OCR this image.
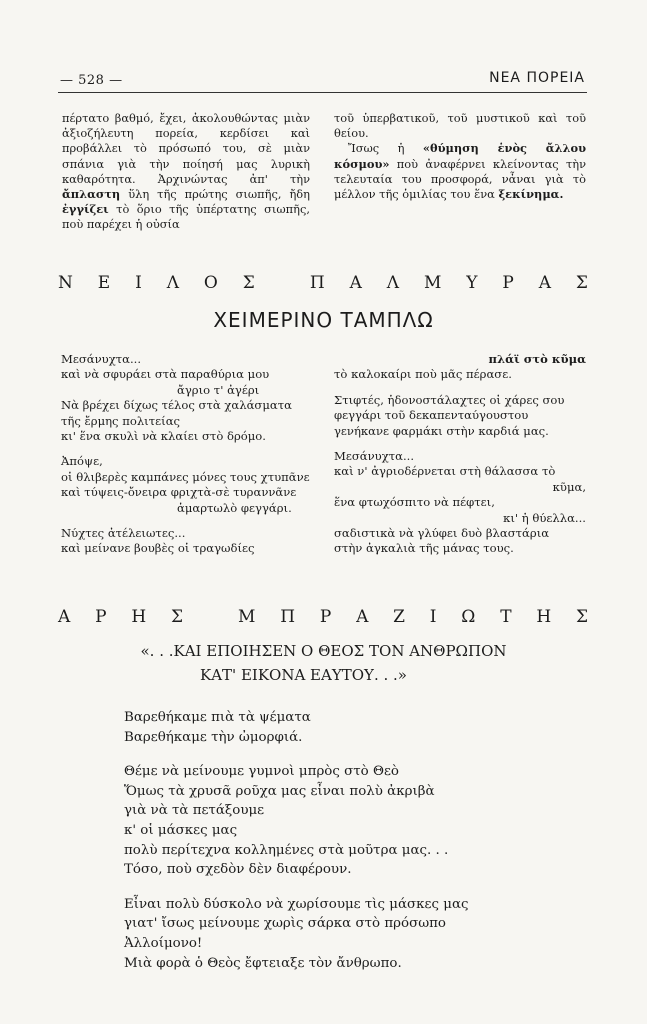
— 528 —	ΝΕΑ ΠΟΡΕΙΑ

πέρτατο βαθμό, ἔχει, ἀκολουθώντας μιὰν ἀξιοζήλευτη πορεία, κερδίσει καὶ προβάλλει τὸ πρόσωπό του, σὲ μιὰν σπάνια γιὰ τὴν ποίησή μας λυρικὴ καθαρότητα. Ἀρχινώντας ἀπ' τὴν ἄπλαστη ὕλη τῆς πρώτης σιωπῆς, ἤδη ἐγγίζει τὸ ὅριο τῆς ὑπέρτατης σιωπῆς, ποὺ παρέχει ἡ οὐσία

τοῦ ὑπερβατικοῦ, τοῦ μυστικοῦ καὶ τοῦ θείου.

Ἴσως ἡ «θύμηση ἑνὸς ἄλλου κόσμου» ποὺ ἀναφέρνει κλείνοντας τὴν τελευταία του προσφορά, νἆναι γιὰ τὸ μέλλον τῆς ὁμιλίας του ἕνα ξεκίνημα.

Ν Ε Ι Λ Ο Σ
	Π Α Λ Μ Υ Ρ Α Σ
ΧΕΙΜΕΡΙΝΟ ΤΑΜΠΛΩ
Μεσάνυχτα...
καὶ νὰ σφυράει στὰ παραθύρια μου
ἄγριο τ' ἀγέρι
Νὰ βρέχει δίχως τέλος στὰ χαλάσματα
τῆς ἔρμης πολιτείας
κι' ἕνα σκυλὶ νὰ κλαίει στὸ δρόμο.
Ἀπόψε,
οἱ θλιβερὲς καμπάνες μόνες τους χτυπᾶνε
καὶ τύψεις-ὄνειρα φριχτὰ-σὲ τυραννᾶνε
ἁμαρτωλὸ φεγγάρι.
Νύχτες ἀτέλειωτες...
καὶ μείνανε βουβὲς οἱ τραγωδίες
πλάϊ στὸ κῦμα
τὸ καλοκαίρι ποὺ μᾶς πέρασε.
Στιφτές, ἡδονοστάλαχτες οἱ χάρες σου
φεγγάρι τοῦ δεκαπενταύγουστου
γενήκανε φαρμάκι στὴν καρδιά μας.
Μεσάνυχτα...
καὶ ν' ἀγριοδέρνεται στὴ θάλασσα τὸ
κῦμα,
ἕνα φτωχόσπιτο νὰ πέφτει,
κι' ἡ θύελλα...
σαδιστικὰ νὰ γλύφει δυὸ βλαστάρια
στὴν ἀγκαλιὰ τῆς μάνας τους.
Α Ρ Η Σ
	Μ Π Ρ Α Ζ Ι Ω Τ Η Σ
«. . .ΚΑΙ ΕΠΟΙΗΣΕΝ Ο ΘΕΟΣ ΤΟΝ ΑΝΘΡΩΠΟΝ
ΚΑΤ' ΕΙΚΟΝΑ ΕΑΥΤΟΥ. . .»
Βαρεθήκαμε πιὰ τὰ ψέματα
Βαρεθήκαμε τὴν ὠμορφιά.
Θέμε νὰ μείνουμε γυμνοὶ μπρὸς στὸ Θεὸ
Ὅμως τὰ χρυσᾶ ροῦχα μας εἶναι πολὺ ἀκριβὰ
γιὰ νὰ τὰ πετάξουμε
κ' οἱ μάσκες μας
πολὺ περίτεχνα κολλημένες στὰ μοῦτρα μας. . .
Τόσο, ποὺ σχεδὸν δὲν διαφέρουν.
Εἶναι πολὺ δύσκολο νὰ χωρίσουμε τὶς μάσκες μας
γιατ' ἴσως μείνουμε χωρὶς σάρκα στὸ πρόσωπο
Ἀλλοίμονο!
Μιὰ φορὰ ὁ Θεὸς ἔφτειαξε τὸν ἄνθρωπο.
